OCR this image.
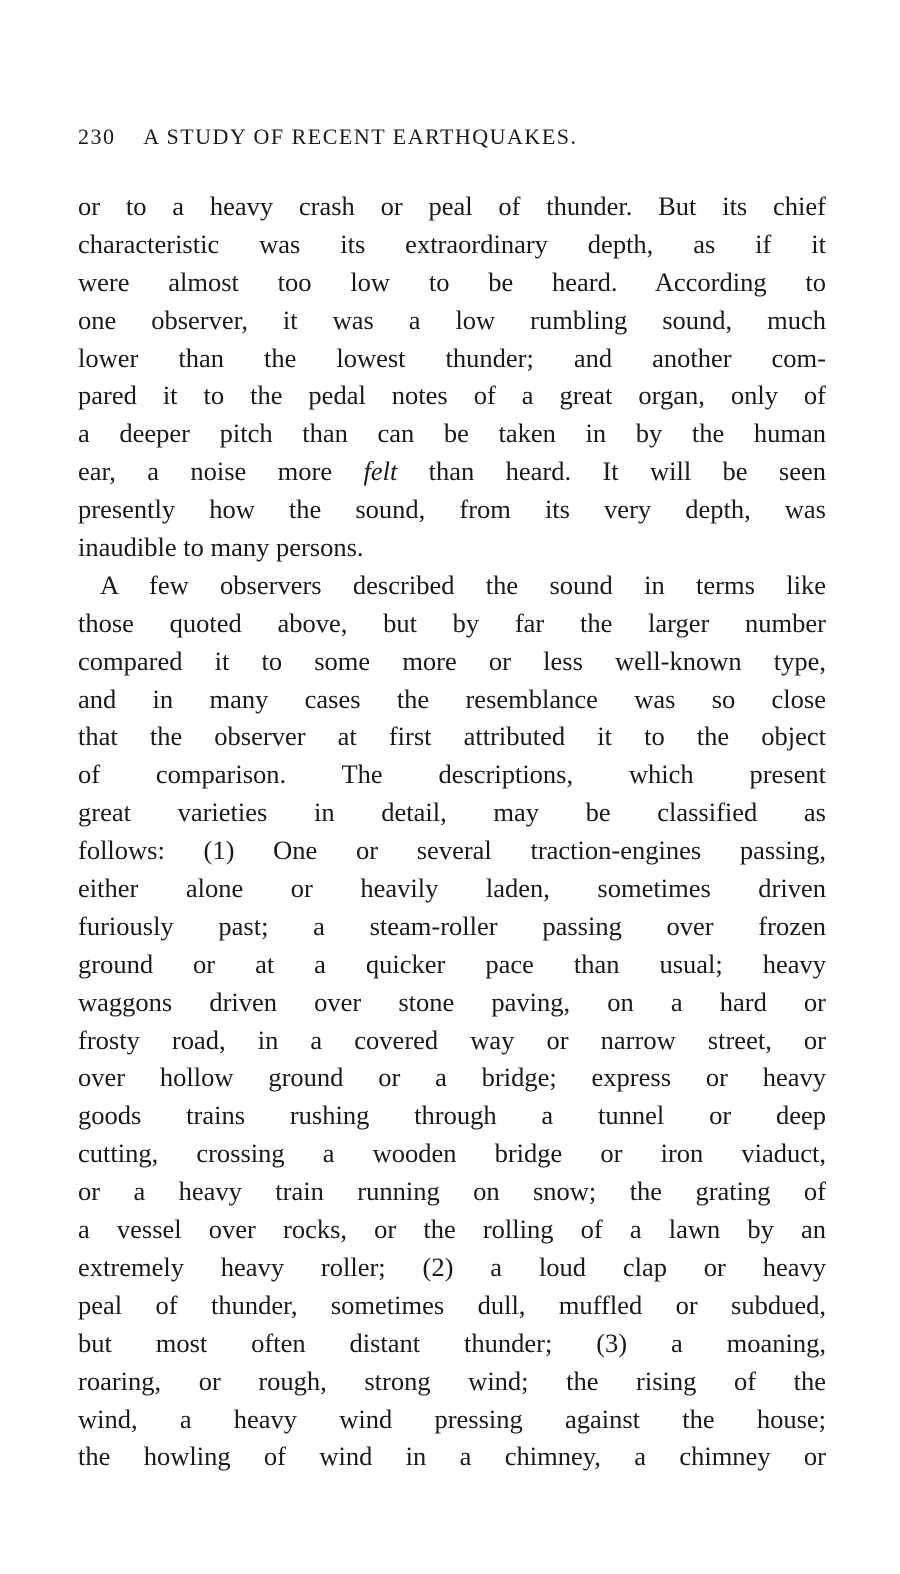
230 A STUDY OF RECENT EARTHQUAKES.
or to a heavy crash or peal of thunder. But its chief
characteristic was its extraordinary depth, as if it
were almost too low to be heard. According to
one observer, it was a low rumbling sound, much
lower than the lowest thunder; and another com-
pared it to the pedal notes of a great organ, only of
a deeper pitch than can be taken in by the human
ear, a noise more felt than heard. It will be seen
presently how the sound, from its very depth, was
inaudible to many persons.
A few observers described the sound in terms like
those quoted above, but by far the larger number
compared it to some more or less well-known type,
and in many cases the resemblance was so close
that the observer at first attributed it to the object
of comparison. The descriptions, which present
great varieties in detail, may be classified as
follows: (1) One or several traction-engines passing,
either alone or heavily laden, sometimes driven
furiously past; a steam-roller passing over frozen
ground or at a quicker pace than usual; heavy
waggons driven over stone paving, on a hard or
frosty road, in a covered way or narrow street, or
over hollow ground or a bridge; express or heavy
goods trains rushing through a tunnel or deep
cutting, crossing a wooden bridge or iron viaduct,
or a heavy train running on snow; the grating of
a vessel over rocks, or the rolling of a lawn by an
extremely heavy roller; (2) a loud clap or heavy
peal of thunder, sometimes dull, muffled or subdued,
but most often distant thunder; (3) a moaning,
roaring, or rough, strong wind; the rising of the
wind, a heavy wind pressing against the house;
the howling of wind in a chimney, a chimney or
